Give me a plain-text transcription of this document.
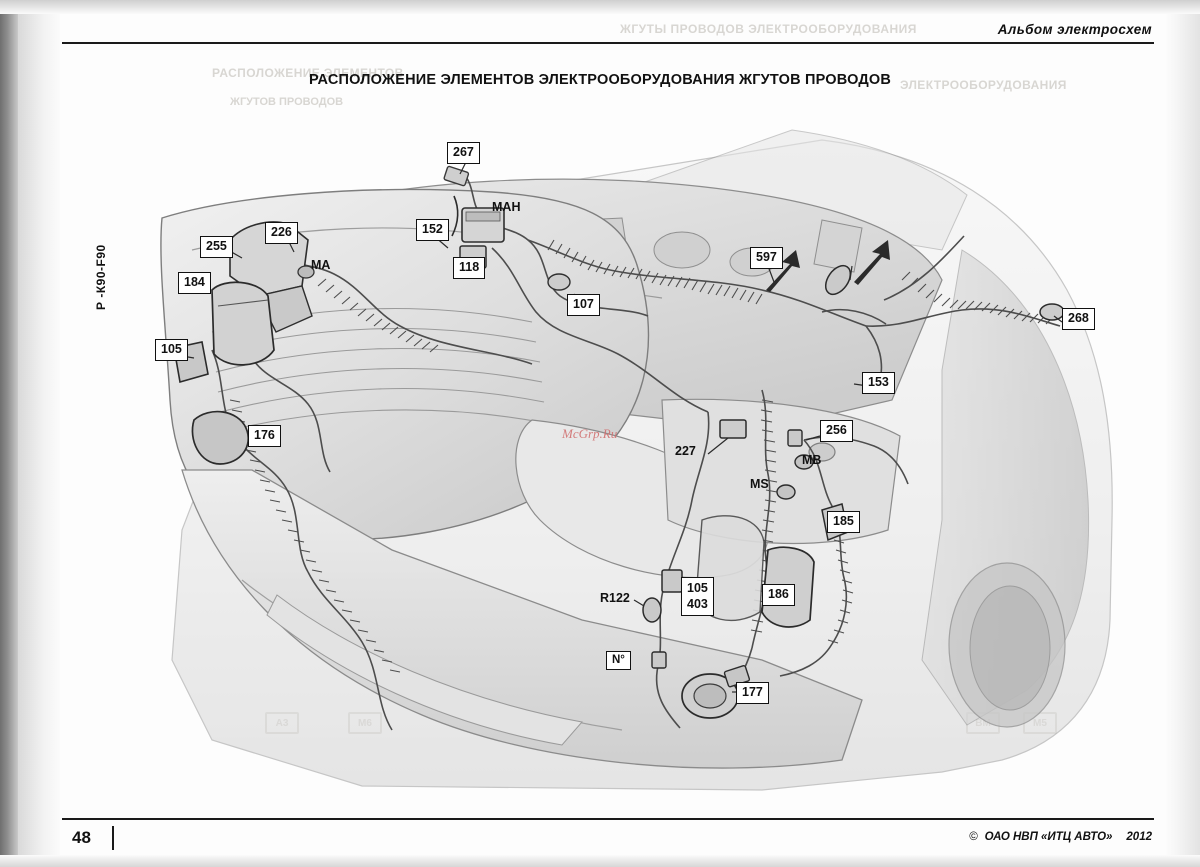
ЖГУТЫ ПРОВОДОВ ЭЛЕКТРООБОРУДОВАНИЯ
РАСПОЛОЖЕНИЕ ЭЛЕМЕНТОВ
ЭЛЕКТРООБОРУДОВАНИЯ
ЖГУТОВ ПРОВОДОВ
Альбом электросхем
РАСПОЛОЖЕНИЕ ЭЛЕМЕНТОВ ЭЛЕКТРООБОРУДОВАНИЯ ЖГУТОВ ПРОВОДОВ
267
152
MAH
226
255
MA	118
184
107
597
268
105
153
176	256
227
MB
MS
185
R122
105
403
186
177
N°
McGrp.Ru
Р -К90-F90
48	© ОАО НВП «ИТЦ АВТО» 2012
